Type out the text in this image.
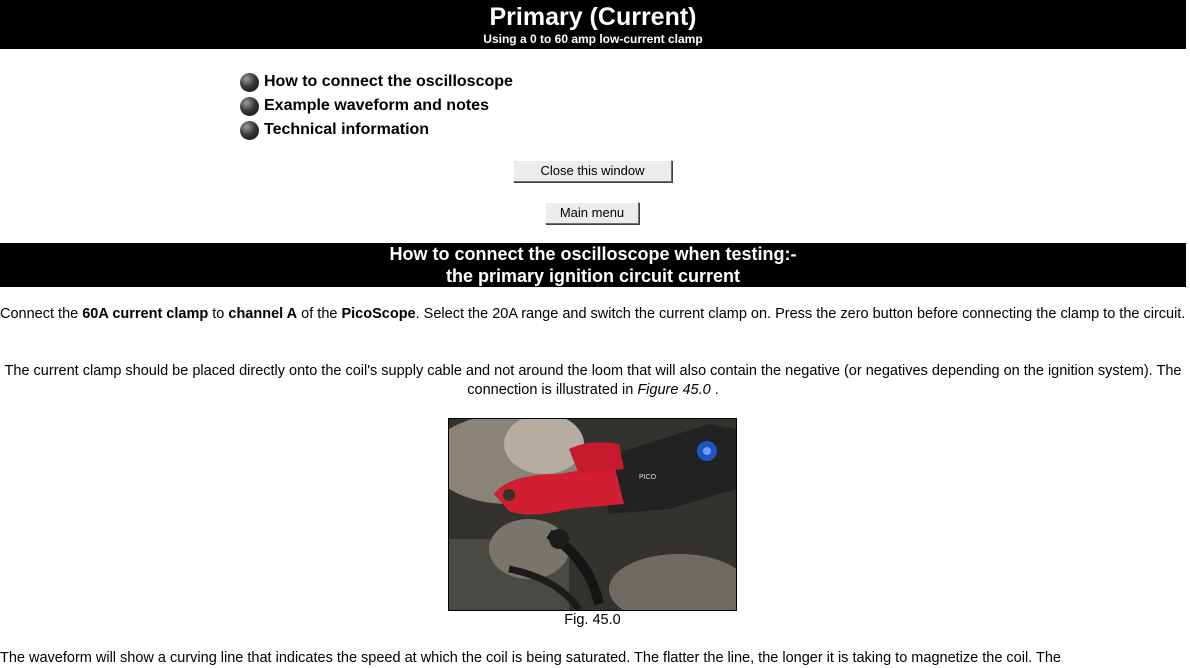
Primary (Current)
Using a 0 to 60 amp low-current clamp
How to connect the oscilloscope
Example waveform and notes
Technical information
Close this window
Main menu
How to connect the oscilloscope when testing:-
the primary ignition circuit current
Connect the 60A current clamp to channel A of the PicoScope. Select the 20A range and switch the current clamp on. Press the zero button before connecting the clamp to the circuit.
The current clamp should be placed directly onto the coil's supply cable and not around the loom that will also contain the negative (or negatives depending on the ignition system). The connection is illustrated in Figure 45.0 .
PICO
Fig. 45.0
The waveform will show a curving line that indicates the speed at which the coil is being saturated. The flatter the line, the longer it is taking to magnetize the coil. The
